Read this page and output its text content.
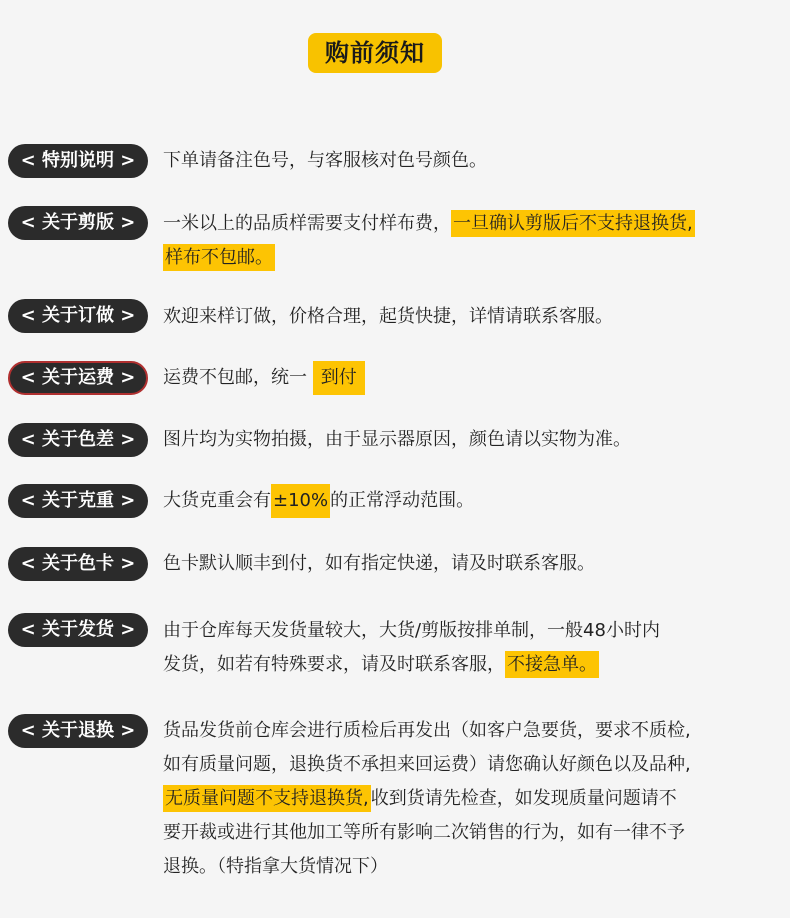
购前须知
< 特别说明 >	下单请备注色号，与客服核对色号颜色。
< 关于剪版 >	一米以上的品质样需要支付样布费， 一旦确认剪版后不支持退换货,
样布不包邮。
< 关于订做 >	欢迎来样订做，价格合理，起货快捷，详情请联系客服。
< 关于运费 >	运费不包邮，统一 到付
< 关于色差 >	图片均为实物拍摄，由于显示器原因，颜色请以实物为准。
< 关于克重 >	大货克重会有 ±10% 的正常浮动范围。
< 关于色卡 >	色卡默认顺丰到付，如有指定快递，请及时联系客服。
< 关于发货 >	由于仓库每天发货量较大，大货/剪版按排单制，一般48小时内
发货，如若有特殊要求，请及时联系客服， 不接急单。
< 关于退换 >	货品发货前仓库会进行质检后再发出（如客户急要货，要求不质检,
如有质量问题，退换货不承担来回运费）请您确认好颜色以及品种,
无质量问题不支持退换货, 收到货请先检查，如发现质量问题请不
要开裁或进行其他加工等所有影响二次销售的行为，如有一律不予
退换。（特指拿大货情况下）
